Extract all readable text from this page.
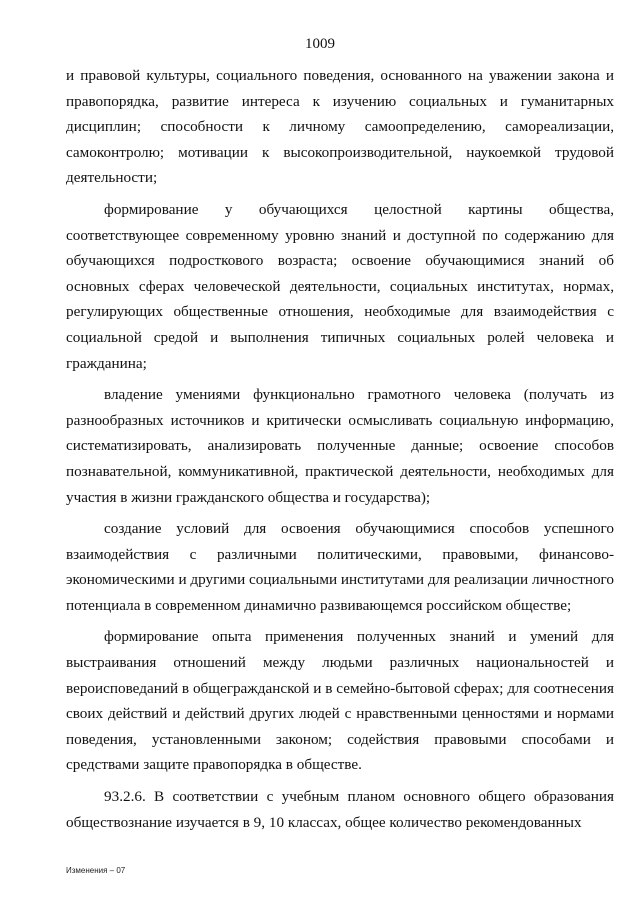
1009

и правовой культуры, социального поведения, основанного на уважении закона и правопорядка, развитие интереса к изучению социальных и гуманитарных дисциплин; способности к личному самоопределению, самореализации, самоконтролю; мотивации к высокопроизводительной, наукоемкой трудовой деятельности;

формирование у обучающихся целостной картины общества, соответствующее современному уровню знаний и доступной по содержанию для обучающихся подросткового возраста; освоение обучающимися знаний об основных сферах человеческой деятельности, социальных институтах, нормах, регулирующих общественные отношения, необходимые для взаимодействия с социальной средой и выполнения типичных социальных ролей человека и гражданина;

владение умениями функционально грамотного человека (получать из разнообразных источников и критически осмысливать социальную информацию, систематизировать, анализировать полученные данные; освоение способов познавательной, коммуникативной, практической деятельности, необходимых для участия в жизни гражданского общества и государства);

создание условий для освоения обучающимися способов успешного взаимодействия с различными политическими, правовыми, финансово-экономическими и другими социальными институтами для реализации личностного потенциала в современном динамично развивающемся российском обществе;

формирование опыта применения полученных знаний и умений для выстраивания отношений между людьми различных национальностей и вероисповеданий в общегражданской и в семейно-бытовой сферах; для соотнесения своих действий и действий других людей с нравственными ценностями и нормами поведения, установленными законом; содействия правовыми способами и средствами защите правопорядка в обществе.

93.2.6. В соответствии с учебным планом основного общего образования обществознание изучается в 9, 10 классах, общее количество рекомендованных

Изменения – 07
